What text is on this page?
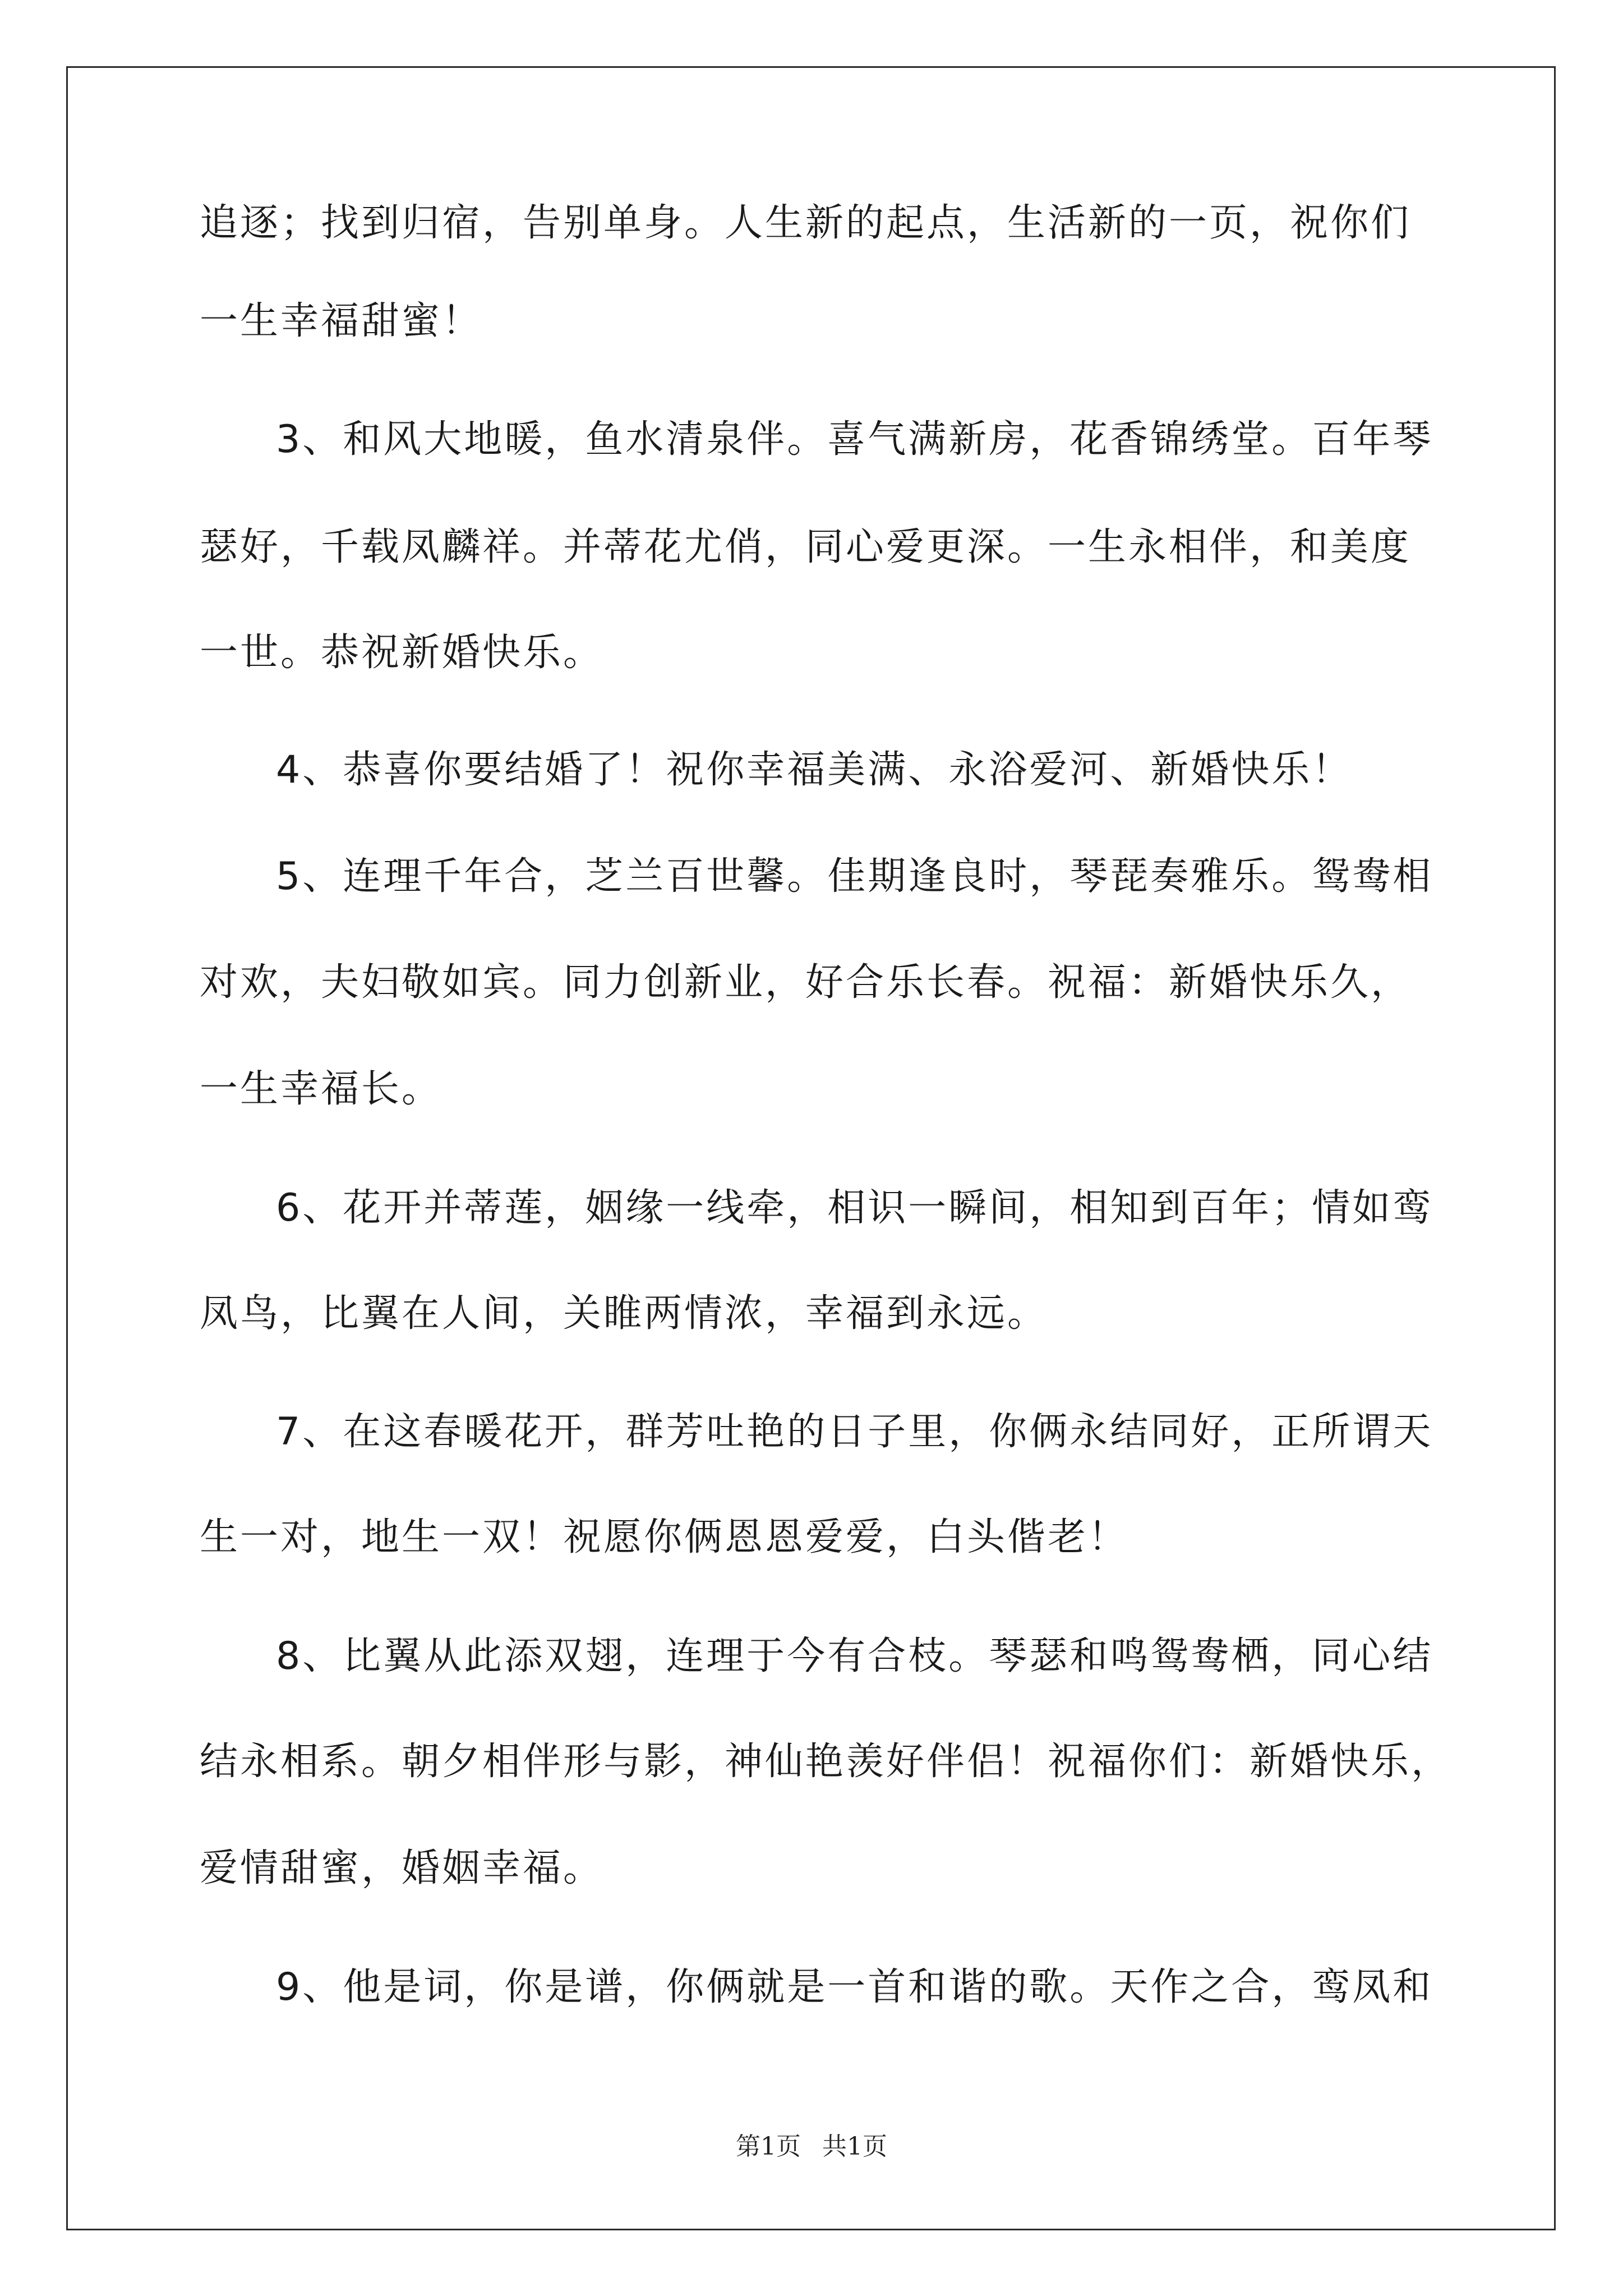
追逐；找到归宿，告别单身。人生新的起点，生活新的一页，祝你们
一生幸福甜蜜！
3、和风大地暖，鱼水清泉伴。喜气满新房，花香锦绣堂。百年琴
瑟好，千载凤麟祥。并蒂花尤俏，同心爱更深。一生永相伴，和美度
一世。恭祝新婚快乐。
4、恭喜你要结婚了！祝你幸福美满、永浴爱河、新婚快乐！
5、连理千年合，芝兰百世馨。佳期逢良时，琴琵奏雅乐。鸳鸯相
对欢，夫妇敬如宾。同力创新业，好合乐长春。祝福：新婚快乐久，
一生幸福长。
6、花开并蒂莲，姻缘一线牵，相识一瞬间，相知到百年；情如鸾
凤鸟，比翼在人间，关睢两情浓，幸福到永远。
7、在这春暖花开，群芳吐艳的日子里，你俩永结同好，正所谓天
生一对，地生一双！祝愿你俩恩恩爱爱，白头偕老！
8、比翼从此添双翅，连理于今有合枝。琴瑟和鸣鸳鸯栖，同心结
结永相系。朝夕相伴形与影，神仙艳羡好伴侣！祝福你们：新婚快乐，
爱情甜蜜，婚姻幸福。
9、他是词，你是谱，你俩就是一首和谐的歌。天作之合，鸾凤和
第1页 共1页
